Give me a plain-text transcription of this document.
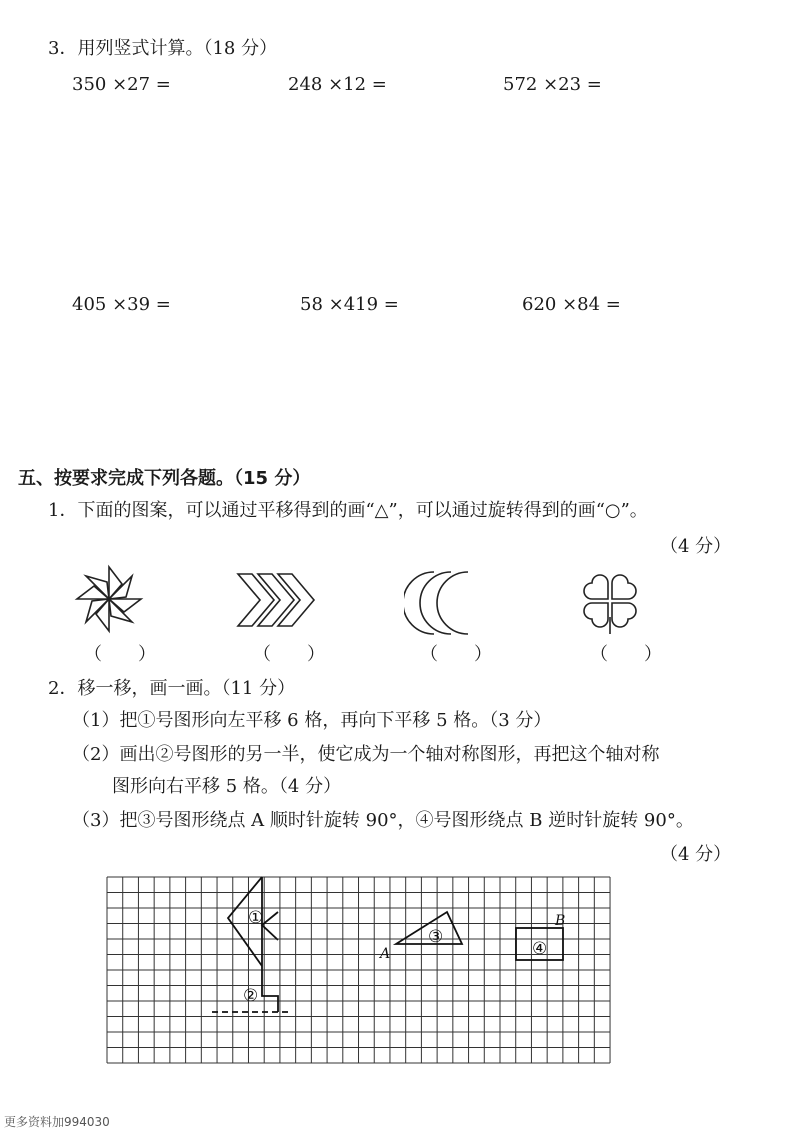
3．用列竖式计算。（18 分）
350 ×27 =	248 ×12 =	572 ×23 =
405 ×39 =	58 ×419 =	620 ×84 =
五、按要求完成下列各题。（15 分）
1．下面的图案，可以通过平移得到的画“△”，可以通过旋转得到的画“○”。
（4 分）
（　　）	（　　）	（　　）	（　　）
2．移一移，画一画。（11 分）
（1）把①号图形向左平移 6 格，再向下平移 5 格。（3 分）
（2）画出②号图形的另一半，使它成为一个轴对称图形，再把这个轴对称
图形向右平移 5 格。（4 分）
（3）把③号图形绕点 A 顺时针旋转 90°，④号图形绕点 B 逆时针旋转 90°。
（4 分）
①
②
③
④
A
B
更多资料加994030
